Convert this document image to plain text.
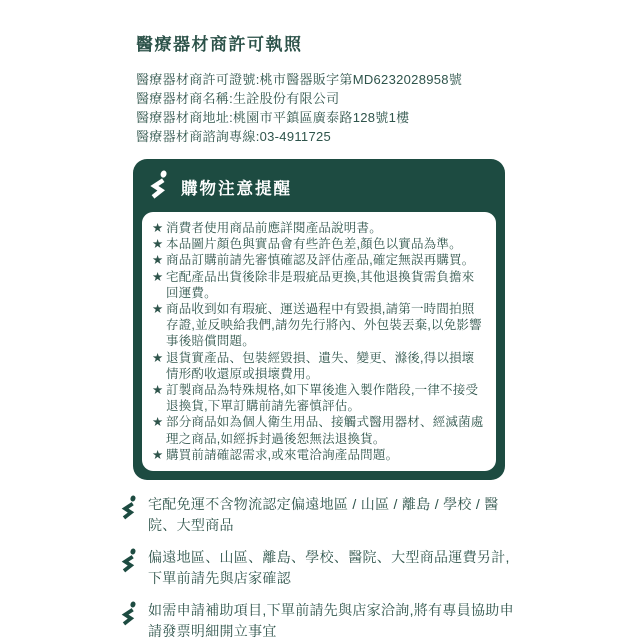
醫療器材商許可執照
醫療器材商許可證號:桃市醫器販字第MD6232028958號
醫療器材商名稱:生詮股份有限公司
醫療器材商地址:桃園市平鎮區廣泰路128號1樓
醫療器材商諮詢專線:03-4911725
購物注意提醒
★ 消費者使用商品前應詳閱產品說明書。
★ 本品圖片顏色與實品會有些許色差,顏色以實品為準。
★ 商品訂購前請先審慎確認及評估產品,確定無誤再購買。
★ 宅配產品出貨後除非是瑕疵品更換,其他退換貨需負擔來回運費。
★ 商品收到如有瑕疵、運送過程中有毀損,請第一時間拍照存證,並反映給我們,請勿先行將內、外包裝丟棄,以免影響事後賠償問題。
★ 退貨實產品、包裝經毀損、遺失、變更、滌後,得以損壞情形酌收還原或損壞費用。
★ 訂製商品為特殊規格,如下單後進入製作階段,一律不接受退換貨,下單訂購前請先審慎評估。
★ 部分商品如為個人衛生用品、接觸式醫用器材、經滅菌處理之商品,如經拆封過後恕無法退換貨。
★ 購買前請確認需求,或來電洽詢產品問題。
宅配免運不含物流認定偏遠地區 / 山區 / 離島 / 學校 / 醫院、大型商品
偏遠地區、山區、離島、學校、醫院、大型商品運費另計,下單前請先與店家確認
如需申請補助項目,下單前請先與店家洽詢,將有專員協助申請發票明細開立事宜
